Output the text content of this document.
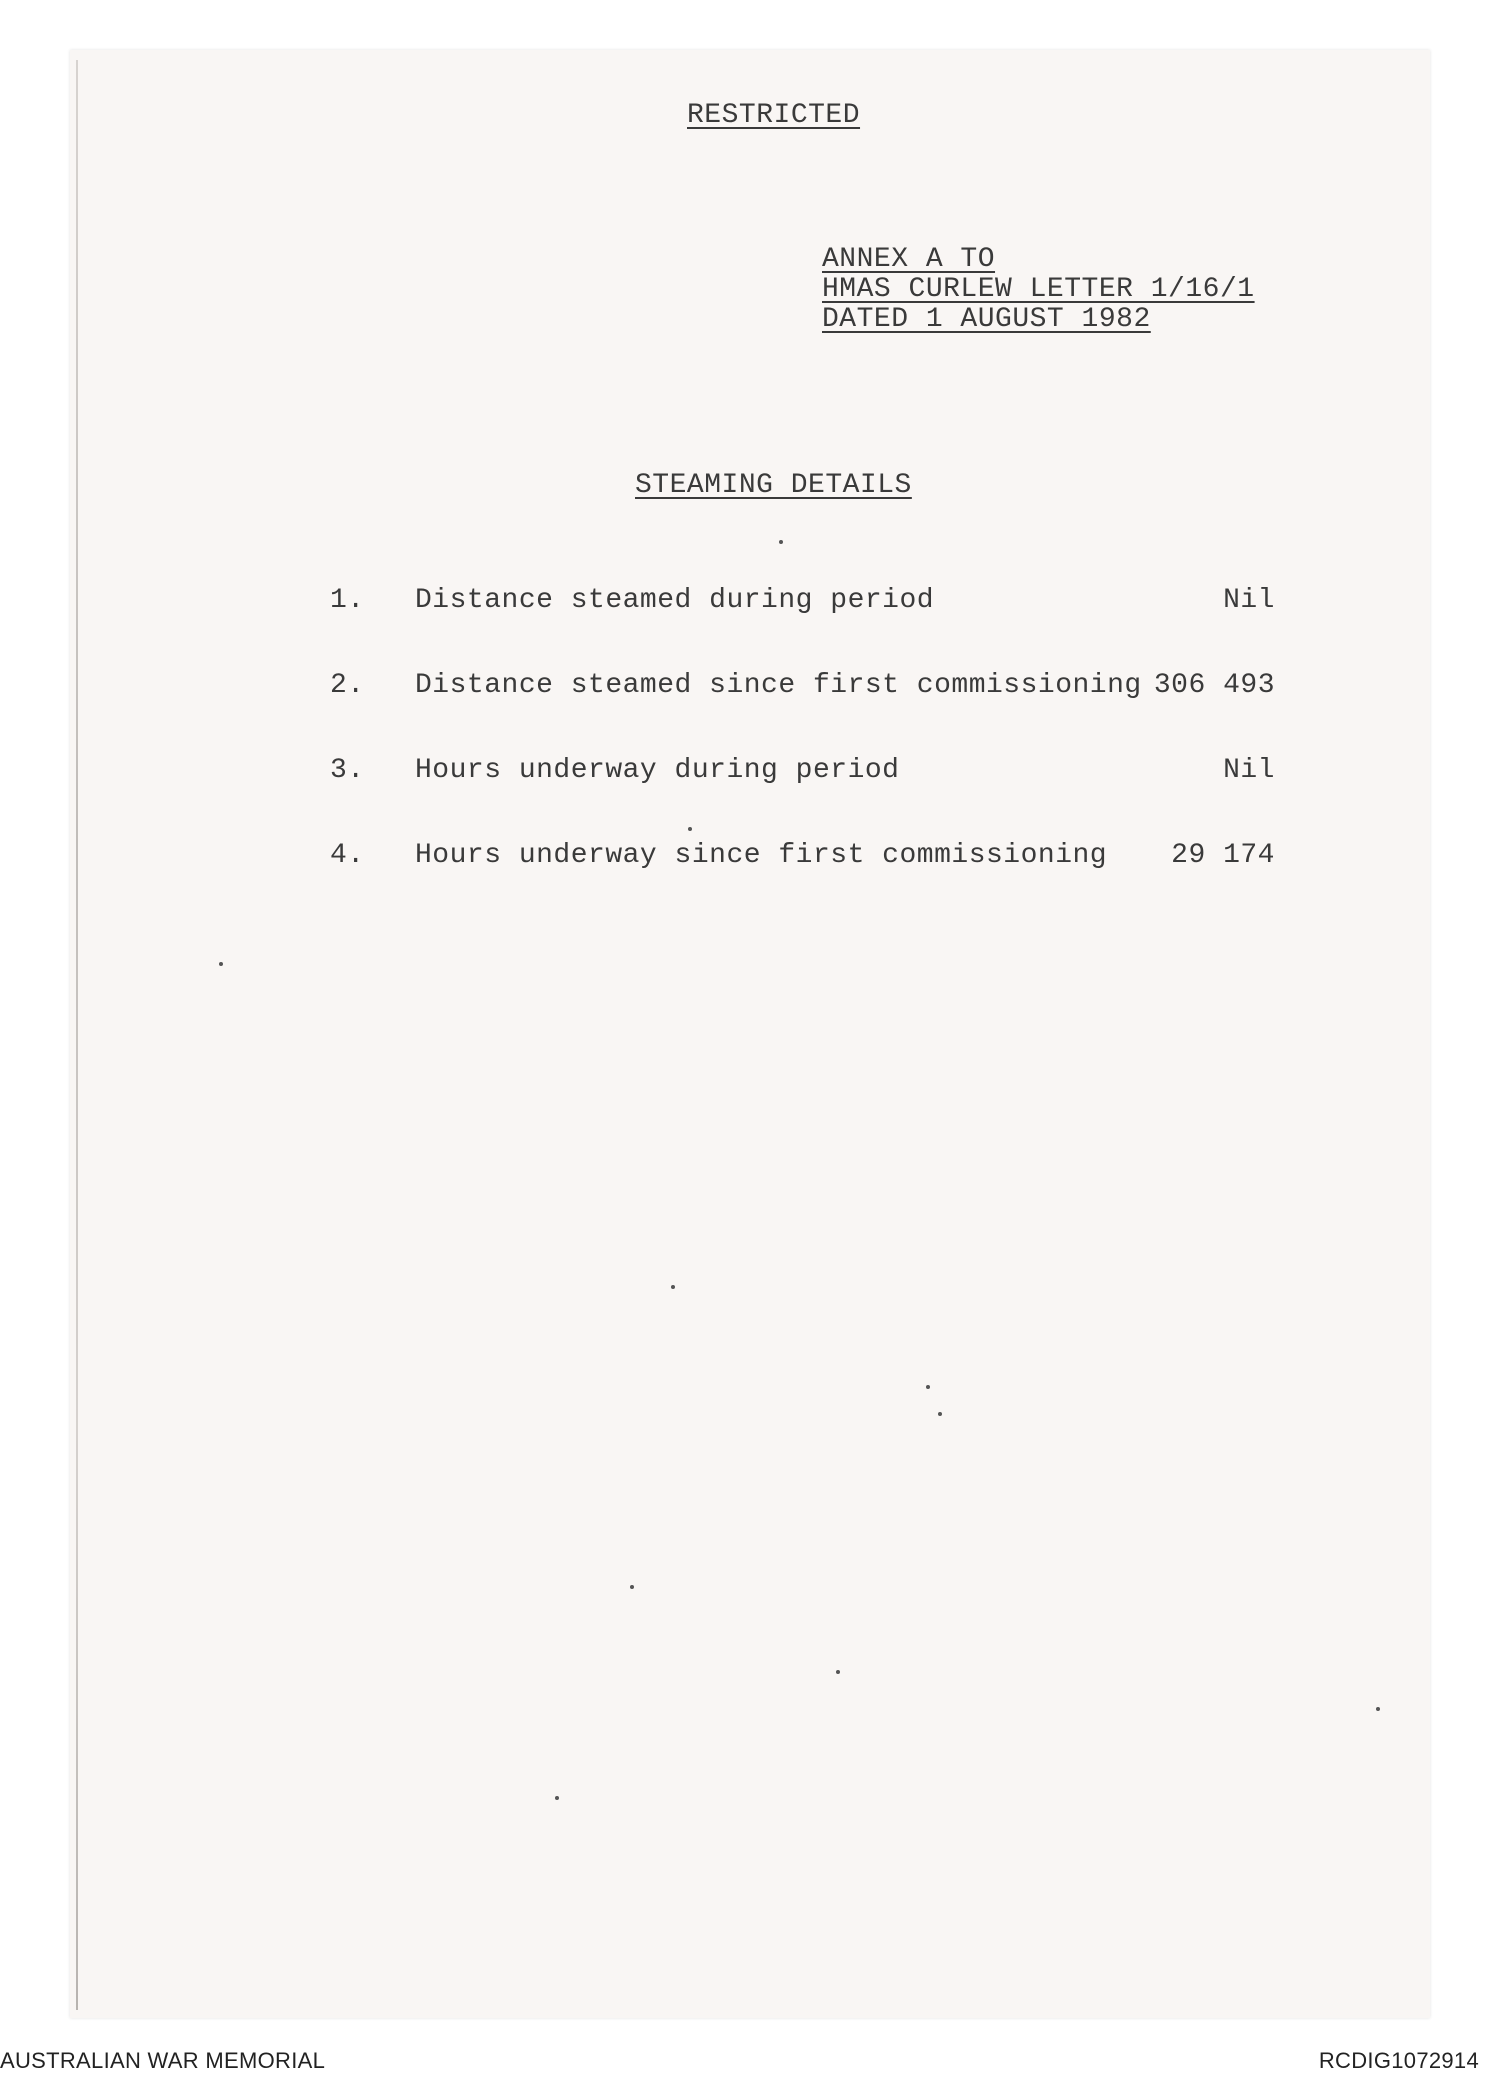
RESTRICTED
ANNEX A TO
HMAS CURLEW LETTER 1/16/1
DATED 1 AUGUST 1982
STEAMING DETAILS
1. Distance steamed during period	Nil
2. Distance steamed since first commissioning 306 493
3. Hours underway during period	Nil
4. Hours underway since first commissioning 29 174
AUSTRALIAN WAR MEMORIAL	RCDIG1072914
